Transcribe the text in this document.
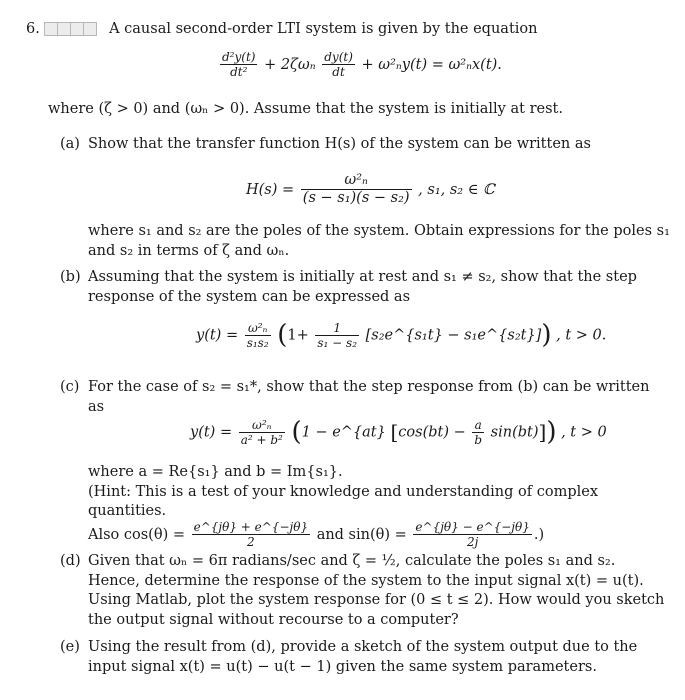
6.	A causal second-order LTI system is given by the equation
$\frac{\text{d²y(t)}}{\text{dt²}} + 2\zeta\omega_n \frac{dy(t)}{dt} + \omega^2_ny(t) = \omega^2_nx(t)$.
where (ζ > 0) and (ωₙ > 0). Assume that the system is initially at rest.
(a) Show that the transfer function H(s) of the system can be written as
$H(s) = \frac{\text{ω²ₙ}}{\text{(s − s₁)(s − s₂)}}$ , s₁, s₂ ∈ ℂ
where s₁ and s₂ are the poles of the system. Obtain expressions for the poles s₁ and s₂ in terms of ζ and ωₙ.
(b) Assuming that the system is initially at rest and s₁ ≠ s₂, show that the step response of the system can be expressed as
$y(t) = \frac{\text{ω²ₙ}}{\text{s₁s₂}} (1+ \frac{1}{\text{s₁ − s₂}}$ [s₂e^{s₁t} − s₁e^{s₂t}]) , t > 0.
(c) For the case of s₂ = s₁*, show that the step response from (b) can be written as
$y(t) = \frac{\text{ω²ₙ}}{\text{a² + b²}} (1$ − e^{at} $[\cos(bt) - \frac{a}{b} \sin(bt)]$) , t > 0
where a = Re{s₁} and b = Im{s₁}.
(Hint: This is a test of your knowledge and understanding of complex quantities.
Also $\cos(\theta) = \frac{e\^{}\{j\theta\} + e\^{}\{-j\theta\}}{2}$ and $\sin(\theta) = \frac{e\^{}\{j\theta\} - e\^{}\{-j\theta\}}{2j}$ .)
(d) Given that ωₙ = 6π radians/sec and ζ = ½, calculate the poles s₁ and s₂. Hence, determine the response of the system to the input signal x(t) = u(t).
Using Matlab, plot the system response for (0 ≤ t ≤ 2). How would you sketch the output signal without recourse to a computer?
(e) Using the result from (d), provide a sketch of the system output due to the input signal x(t) = u(t) − u(t − 1) given the same system parameters.
